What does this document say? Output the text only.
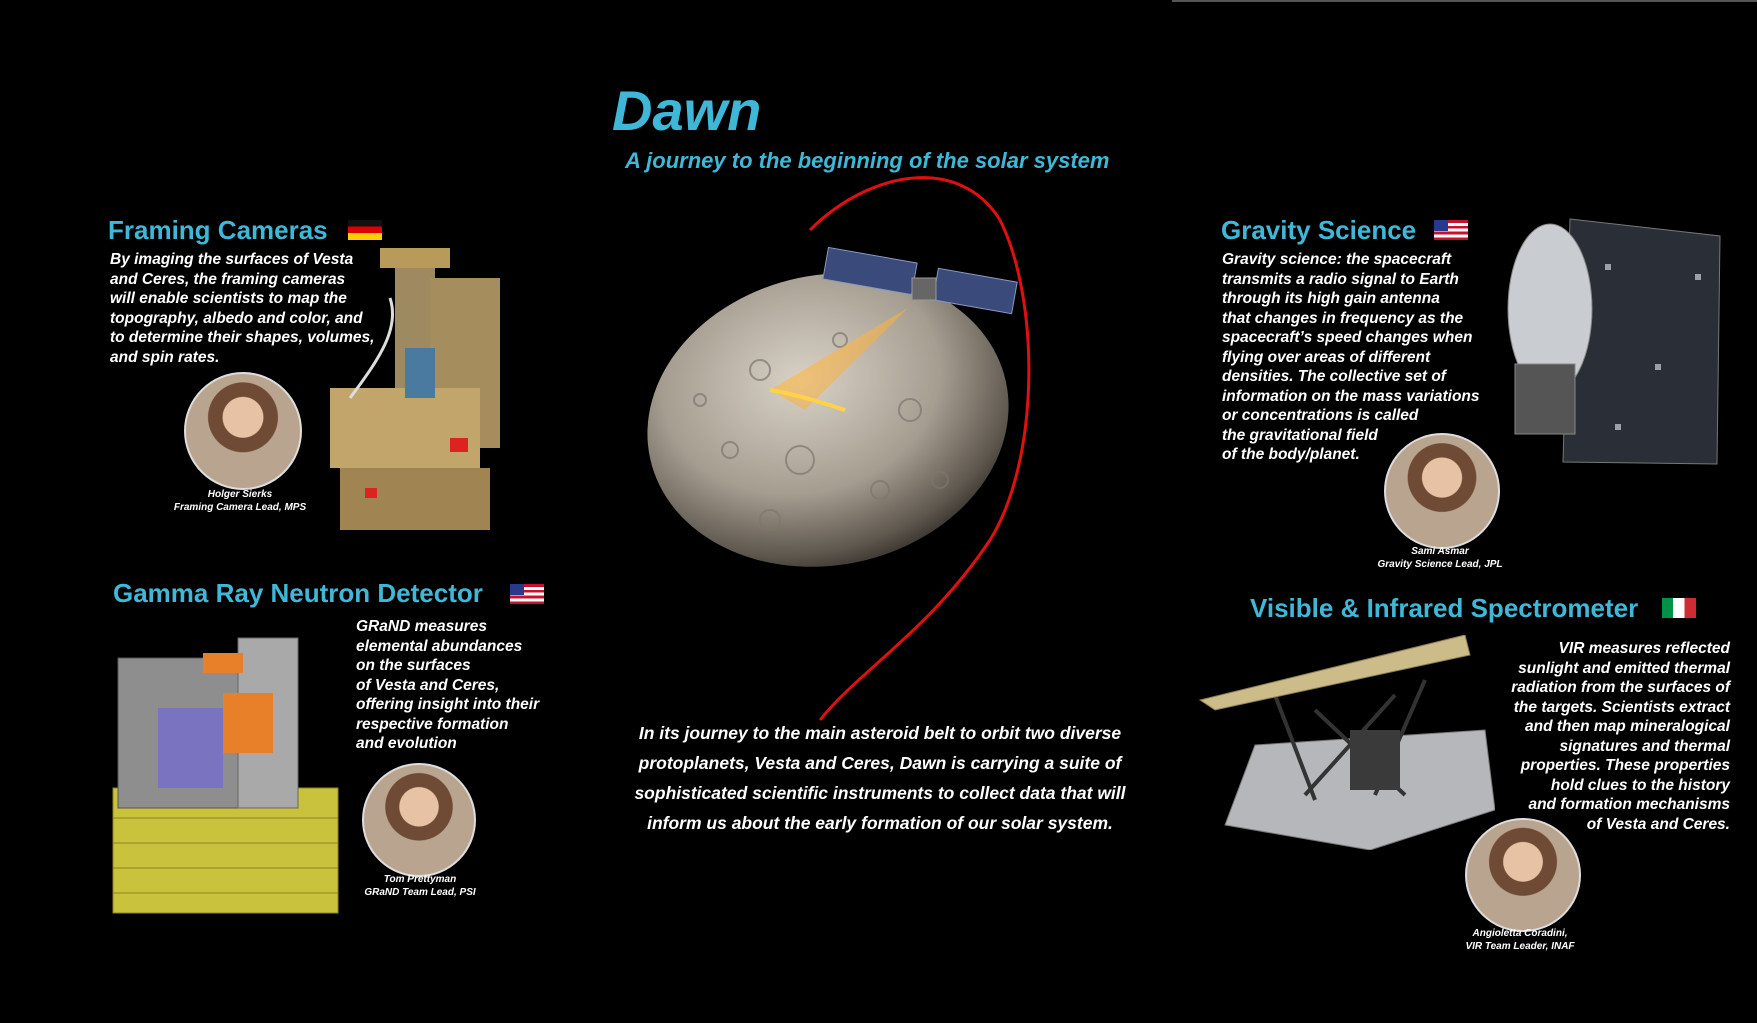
Dawn
A journey to the beginning of the solar system
In its journey to the main asteroid belt to orbit two diverse
protoplanets, Vesta and Ceres, Dawn is carrying a suite of
sophisticated scientific instruments to collect data that will
inform us about the early formation of our solar system.
Framing Cameras
By imaging the surfaces of Vesta
and Ceres, the framing cameras
will enable scientists to map the
topography, albedo and color, and
to determine their shapes, volumes,
and spin rates.
Holger Sierks
Framing Camera Lead, MPS
Gamma Ray Neutron Detector
GRaND measures
elemental abundances
on the surfaces
of Vesta and Ceres,
offering insight into their
respective formation
and evolution
Tom Prettyman
GRaND Team Lead, PSI
Gravity Science
Gravity science: the spacecraft
transmits a radio signal to Earth
through its high gain antenna
that changes in frequency as the
spacecraft’s speed changes when
flying over areas of different
densities. The collective set of
information on the mass variations
or concentrations is called
the gravitational field
of the body/planet.
Sami Asmar
Gravity Science Lead, JPL
Visible & Infrared Spectrometer
VIR measures reflected
sunlight and emitted thermal
radiation from the surfaces of
the targets. Scientists extract
and then map mineralogical
signatures and thermal
properties. These properties
hold clues to the history
and formation mechanisms
of Vesta and Ceres.
Angioletta Coradini,
VIR Team Leader, INAF
